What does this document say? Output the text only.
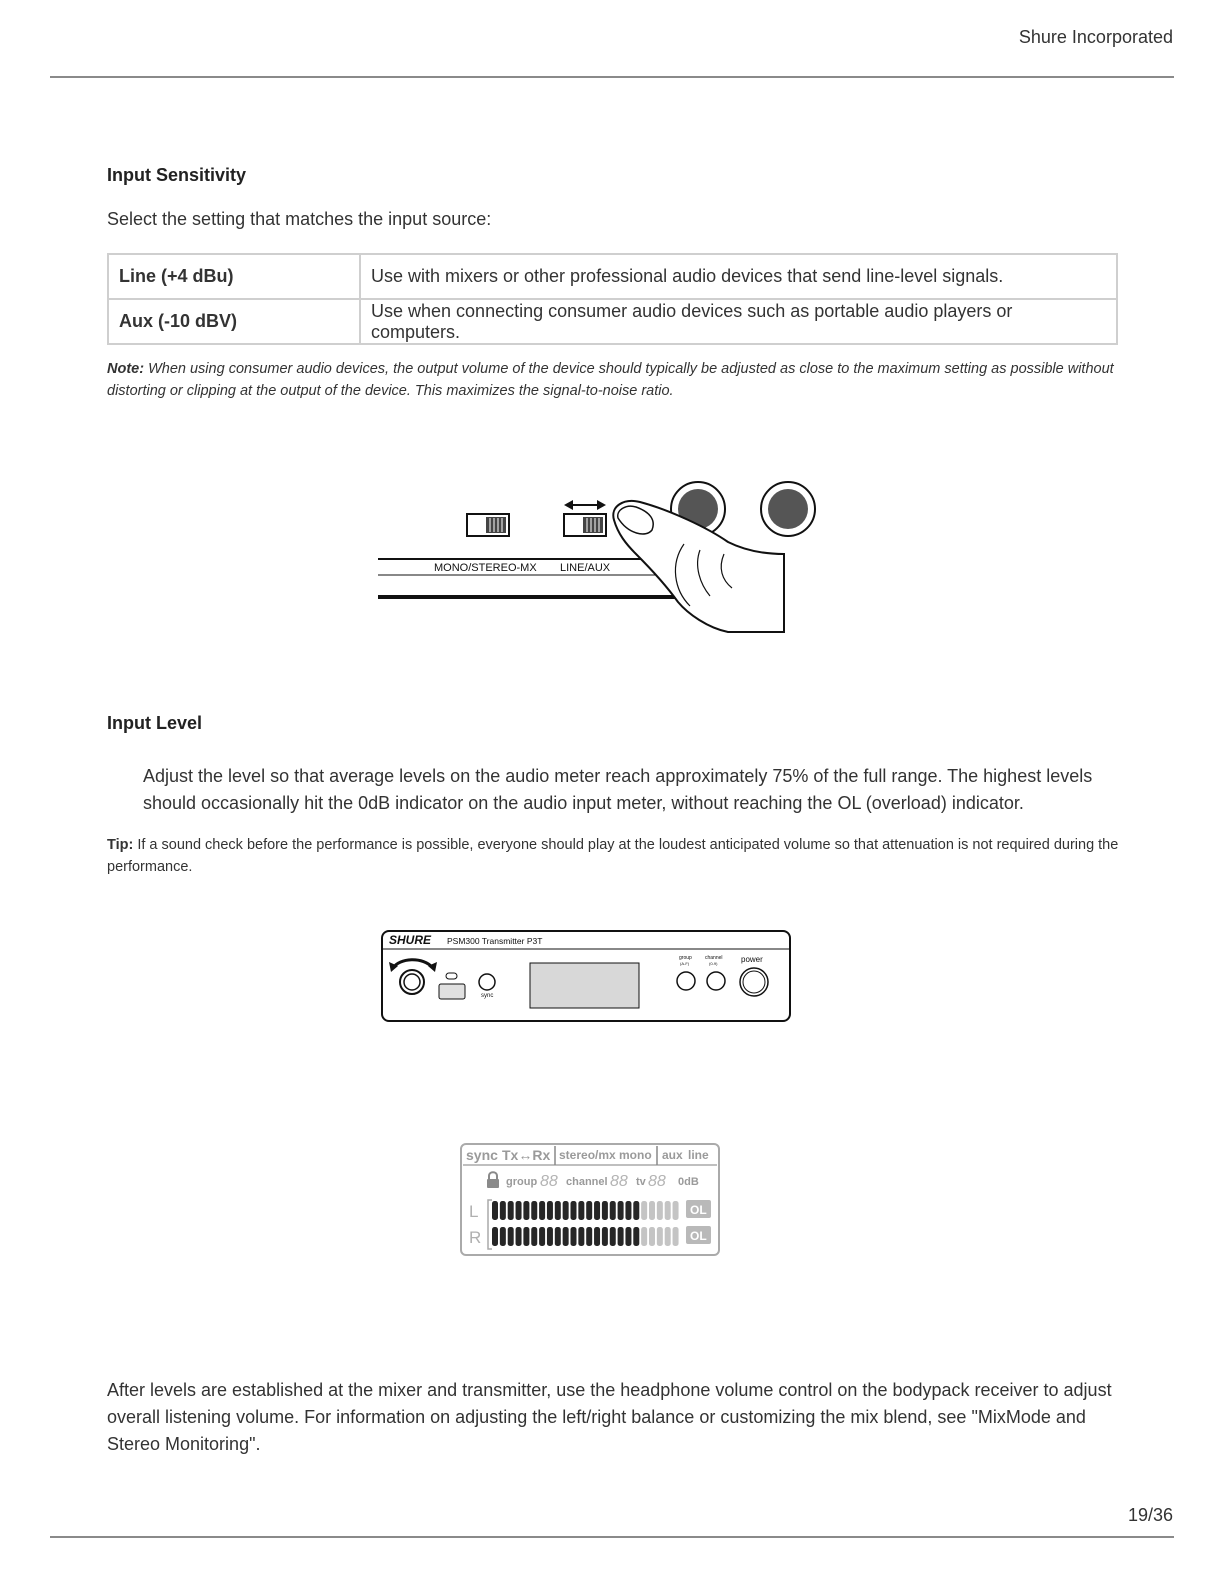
Shure Incorporated
Input Sensitivity
Select the setting that matches the input source:
Line (+4 dBu)	Use with mixers or other professional audio devices that send line-level signals.
Aux (-10 dBV)	Use when connecting consumer audio devices such as portable audio players or computers.
Note: When using consumer audio devices, the output volume of the device should typically be adjusted as close to the maximum setting as possible without distorting or clipping at the output of the device. This maximizes the signal-to-noise ratio.
MONO/STEREO-MX LINE/AUX
Input Level
Adjust the level so that average levels on the audio meter reach approximately 75% of the full range. The highest levels should occasionally hit the 0dB indicator on the audio input meter, without reaching the OL (overload) indicator.
Tip: If a sound check before the performance is possible, everyone should play at the loudest anticipated volume so that attenuation is not required during the performance.
SHURE PSM300 Transmitter P3T
sync
group
(A-F)
channel
(0-9)	power
sync Tx↔Rx stereo/mx mono aux line
group 88 channel 88 tv 88 0dB
L
R
OL
OL
After levels are established at the mixer and transmitter, use the headphone volume control on the bodypack receiver to adjust overall listening volume. For information on adjusting the left/right balance or customizing the mix blend, see "MixMode and Stereo Monitoring".
19/36
